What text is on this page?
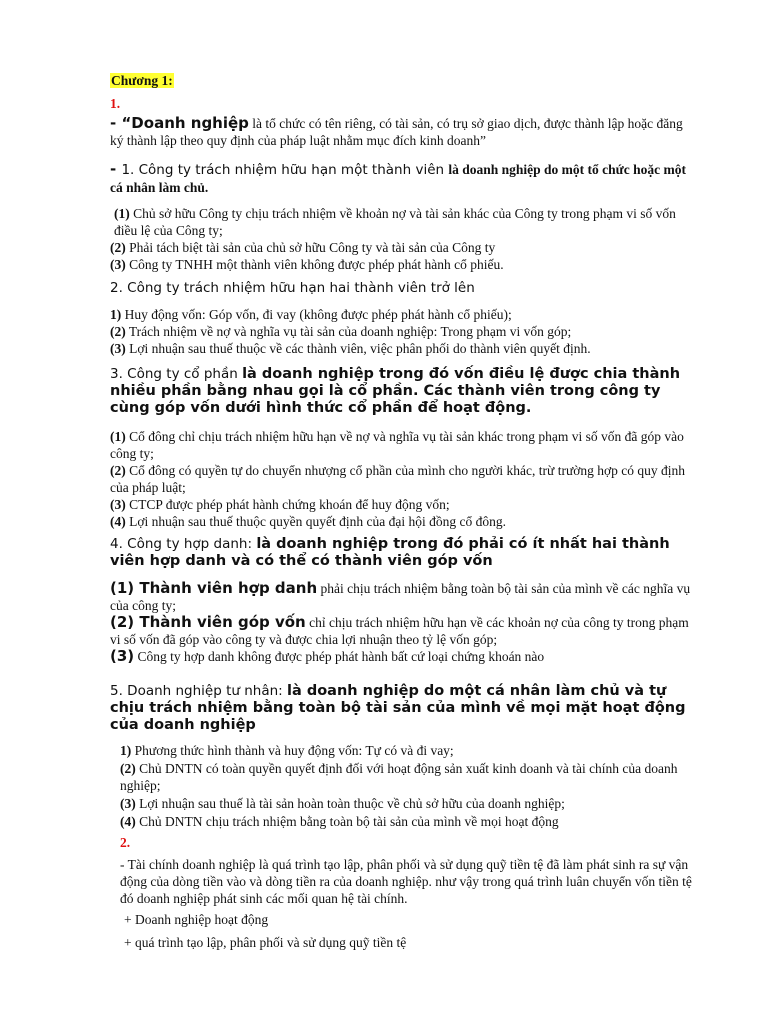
Chương 1:
1.
- “Doanh nghiệp là tổ chức có tên riêng, có tài sản, có trụ sở giao dịch, được thành lập hoặc đăng ký thành lập theo quy định của pháp luật nhằm mục đích kinh doanh”
- 1. Công ty trách nhiệm hữu hạn một thành viên là doanh nghiệp do một tổ chức hoặc một cá nhân làm chủ.

(1) Chủ sở hữu Công ty chịu trách nhiệm về khoản nợ và tài sản khác của Công ty trong phạm vi số vốn điều lệ của Công ty;

(2) Phải tách biệt tài sản của chủ sở hữu Công ty và tài sản của Công ty

(3) Công ty TNHH một thành viên không được phép phát hành cổ phiếu.

2. Công ty trách nhiệm hữu hạn hai thành viên trở lên

1) Huy động vốn: Góp vốn, đi vay (không được phép phát hành cổ phiếu);

(2) Trách nhiệm về nợ và nghĩa vụ tài sản của doanh nghiệp: Trong phạm vi vốn góp;

(3) Lợi nhuận sau thuế thuộc về các thành viên, việc phân phối do thành viên quyết định.

3. Công ty cổ phần là doanh nghiệp trong đó vốn điều lệ được chia thành nhiều phần bằng nhau gọi là cổ phần. Các thành viên trong công ty cùng góp vốn dưới hình thức cổ phần để hoạt động.

(1) Cổ đông chỉ chịu trách nhiệm hữu hạn về nợ và nghĩa vụ tài sản khác trong phạm vi số vốn đã góp vào công ty;

(2) Cổ đông có quyền tự do chuyển nhượng cổ phần của mình cho người khác, trừ trường hợp có quy định của pháp luật;

(3) CTCP được phép phát hành chứng khoán để huy động vốn;

(4) Lợi nhuận sau thuế thuộc quyền quyết định của đại hội đồng cổ đông.

4. Công ty hợp danh: là doanh nghiệp trong đó phải có ít nhất hai thành viên hợp danh và có thể có thành viên góp vốn

(1) Thành viên hợp danh phải chịu trách nhiệm bằng toàn bộ tài sản của mình về các nghĩa vụ của công ty;

(2) Thành viên góp vốn chỉ chịu trách nhiệm hữu hạn về các khoản nợ của công ty trong phạm vi số vốn đã góp vào công ty và được chia lợi nhuận theo tỷ lệ vốn góp;

(3) Công ty hợp danh không được phép phát hành bất cứ loại chứng khoán nào

5. Doanh nghiệp tư nhân: là doanh nghiệp do một cá nhân làm chủ và tự chịu trách nhiệm bằng toàn bộ tài sản của mình về mọi mặt hoạt động của doanh nghiệp

1) Phương thức hình thành và huy động vốn: Tự có và đi vay;

(2) Chủ DNTN có toàn quyền quyết định đối với hoạt động sản xuất kinh doanh và tài chính của doanh nghiệp;

(3) Lợi nhuận sau thuế là tài sản hoàn toàn thuộc về chủ sở hữu của doanh nghiệp;

(4) Chủ DNTN chịu trách nhiệm bằng toàn bộ tài sản của mình về mọi hoạt động

2.
- Tài chính doanh nghiệp là quá trình tạo lập, phân phối và sử dụng quỹ tiền tệ đã làm phát sinh ra sự vận động của dòng tiền vào và dòng tiền ra của doanh nghiệp. như vậy trong quá trình luân chuyển vốn tiền tệ đó doanh nghiệp phát sinh các mối quan hệ tài chính.
+ Doanh nghiệp hoạt động
+ quá trình tạo lập, phân phối và sử dụng quỹ tiền tệ
